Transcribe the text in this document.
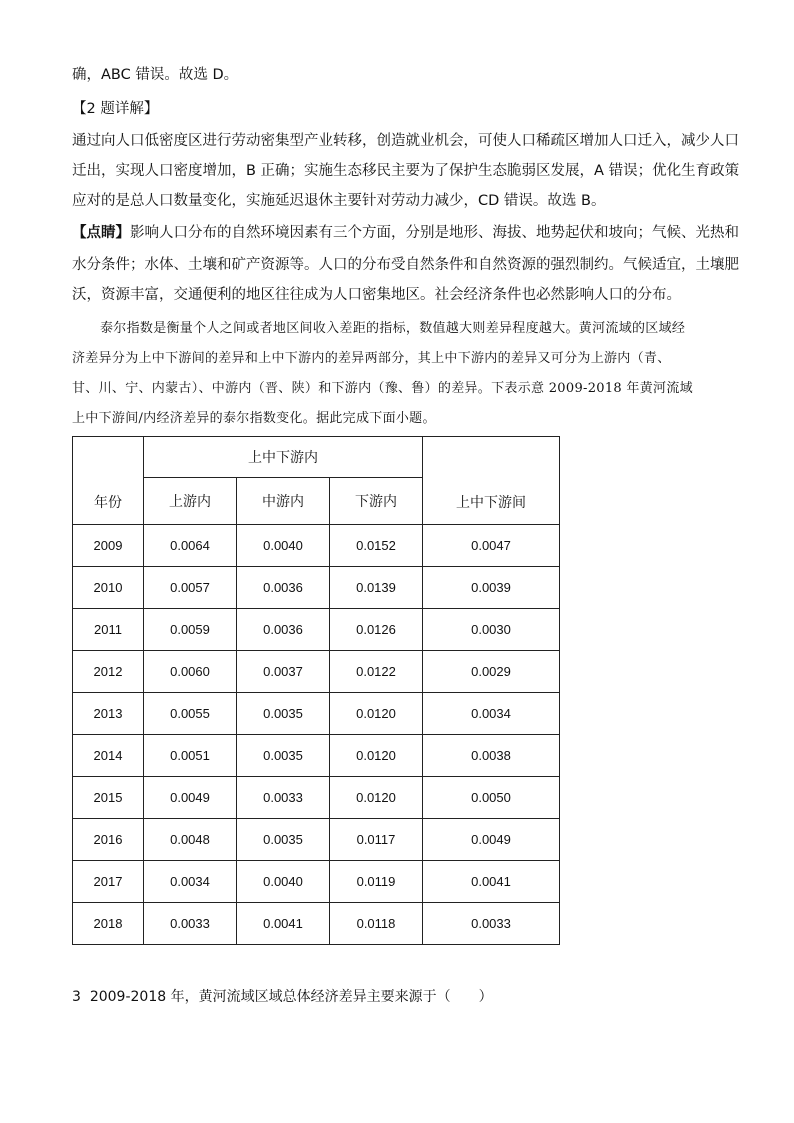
确，ABC 错误。故选 D。
【2 题详解】
通过向人口低密度区进行劳动密集型产业转移，创造就业机会，可使人口稀疏区增加人口迁入，减少人口
迁出，实现人口密度增加，B 正确；实施生态移民主要为了保护生态脆弱区发展，A 错误；优化生育政策
应对的是总人口数量变化，实施延迟退休主要针对劳动力减少，CD 错误。故选 B。
【点睛】影响人口分布的自然环境因素有三个方面，分别是地形、海拔、地势起伏和坡向；气候、光热和
水分条件；水体、土壤和矿产资源等。人口的分布受自然条件和自然资源的强烈制约。气候适宜，土壤肥
沃，资源丰富，交通便利的地区往往成为人口密集地区。社会经济条件也必然影响人口的分布。
泰尔指数是衡量个人之间或者地区间收入差距的指标，数值越大则差异程度越大。黄河流域的区域经
济差异分为上中下游间的差异和上中下游内的差异两部分，其上中下游内的差异又可分为上游内（青、
甘、川、宁、内蒙古）、中游内（晋、陕）和下游内（豫、鲁）的差异。下表示意 2009-2018 年黄河流域
上中下游间/内经济差异的泰尔指数变化。据此完成下面小题。
年份	上中下游内			上中下游间
	上游内	中游内	下游内	
2009	0.0064	0.0040	0.0152	0.0047
2010	0.0057	0.0036	0.0139	0.0039
2011	0.0059	0.0036	0.0126	0.0030
2012	0.0060	0.0037	0.0122	0.0029
2013	0.0055	0.0035	0.0120	0.0034
2014	0.0051	0.0035	0.0120	0.0038
2015	0.0049	0.0033	0.0120	0.0050
2016	0.0048	0.0035	0.0117	0.0049
2017	0.0034	0.0040	0.0119	0.0041
2018	0.0033	0.0041	0.0118	0.0033
3 2009-2018 年，黄河流域区域总体经济差异主要来源于（　　）
